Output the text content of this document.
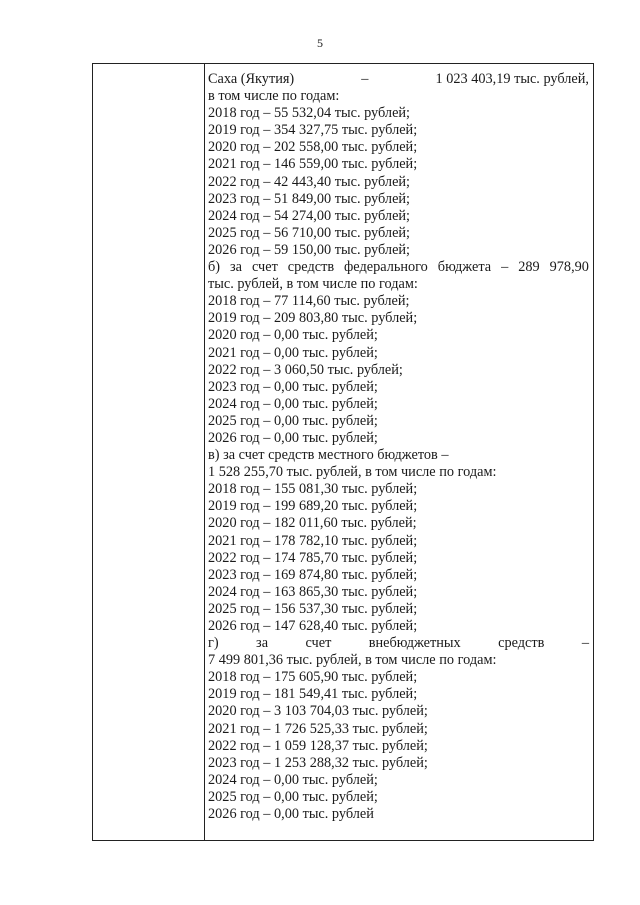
5
Саха (Якутия)	–	1 023 403,19 тыс. рублей,
в том числе по годам:
2018 год – 55 532,04 тыс. рублей;
2019 год – 354 327,75 тыс. рублей;
2020 год – 202 558,00 тыс. рублей;
2021 год – 146 559,00 тыс. рублей;
2022 год – 42 443,40 тыс. рублей;
2023 год – 51 849,00 тыс. рублей;
2024 год – 54 274,00 тыс. рублей;
2025 год – 56 710,00 тыс. рублей;
2026 год – 59 150,00 тыс. рублей;
б) за счет средств федерального бюджета – 289 978,90
тыс. рублей, в том числе по годам:
2018 год – 77 114,60 тыс. рублей;
2019 год – 209 803,80 тыс. рублей;
2020 год – 0,00 тыс. рублей;
2021 год – 0,00 тыс. рублей;
2022 год – 3 060,50 тыс. рублей;
2023 год – 0,00 тыс. рублей;
2024 год – 0,00 тыс. рублей;
2025 год – 0,00 тыс. рублей;
2026 год – 0,00 тыс. рублей;
в) за счет средств местного бюджетов –
1 528 255,70 тыс. рублей, в том числе по годам:
2018 год – 155 081,30 тыс. рублей;
2019 год – 199 689,20 тыс. рублей;
2020 год – 182 011,60 тыс. рублей;
2021 год – 178 782,10 тыс. рублей;
2022 год – 174 785,70 тыс. рублей;
2023 год – 169 874,80 тыс. рублей;
2024 год – 163 865,30 тыс. рублей;
2025 год – 156 537,30 тыс. рублей;
2026 год – 147 628,40 тыс. рублей;
г)	за	счет	внебюджетных	средств	–
7 499 801,36 тыс. рублей, в том числе по годам:
2018 год – 175 605,90 тыс. рублей;
2019 год – 181 549,41 тыс. рублей;
2020 год – 3 103 704,03 тыс. рублей;
2021 год – 1 726 525,33 тыс. рублей;
2022 год – 1 059 128,37 тыс. рублей;
2023 год – 1 253 288,32 тыс. рублей;
2024 год – 0,00 тыс. рублей;
2025 год – 0,00 тыс. рублей;
2026 год – 0,00 тыс. рублей
